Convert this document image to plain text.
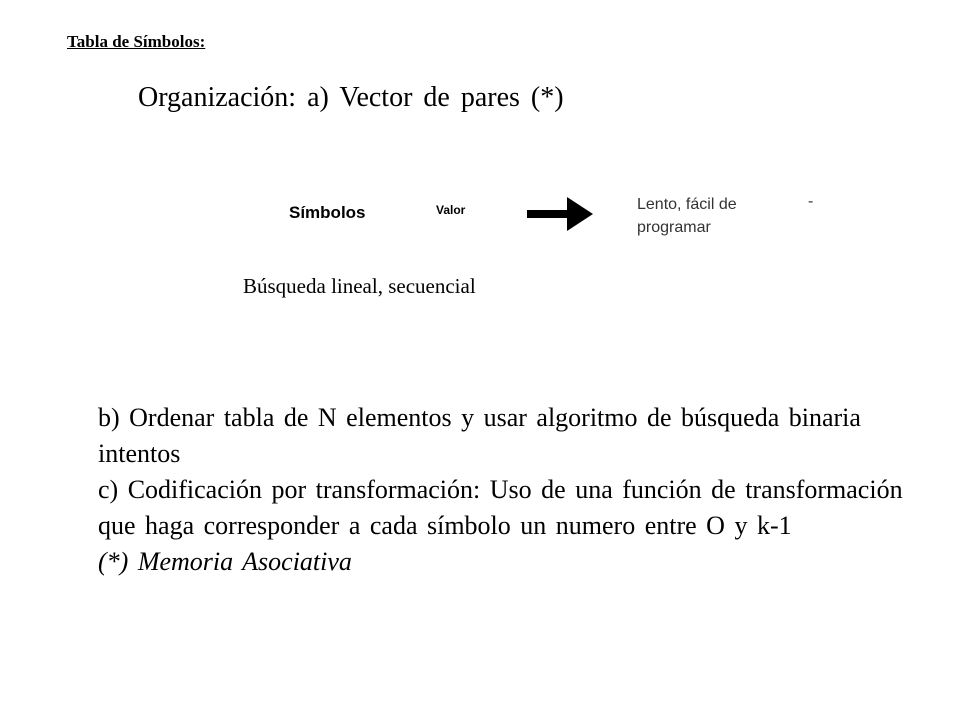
Tabla de Símbolos:
Organización: a) Vector de pares (*)
Símbolos	Valor	Lento, fácil de
programar
-
Búsqueda lineal, secuencial

b) Ordenar tabla de N elementos y usar algoritmo de búsqueda binaria intentos

c) Codificación por transformación: Uso de una función de transformación que haga corresponder a cada símbolo un numero entre O y k-1

(*) Memoria Asociativa
